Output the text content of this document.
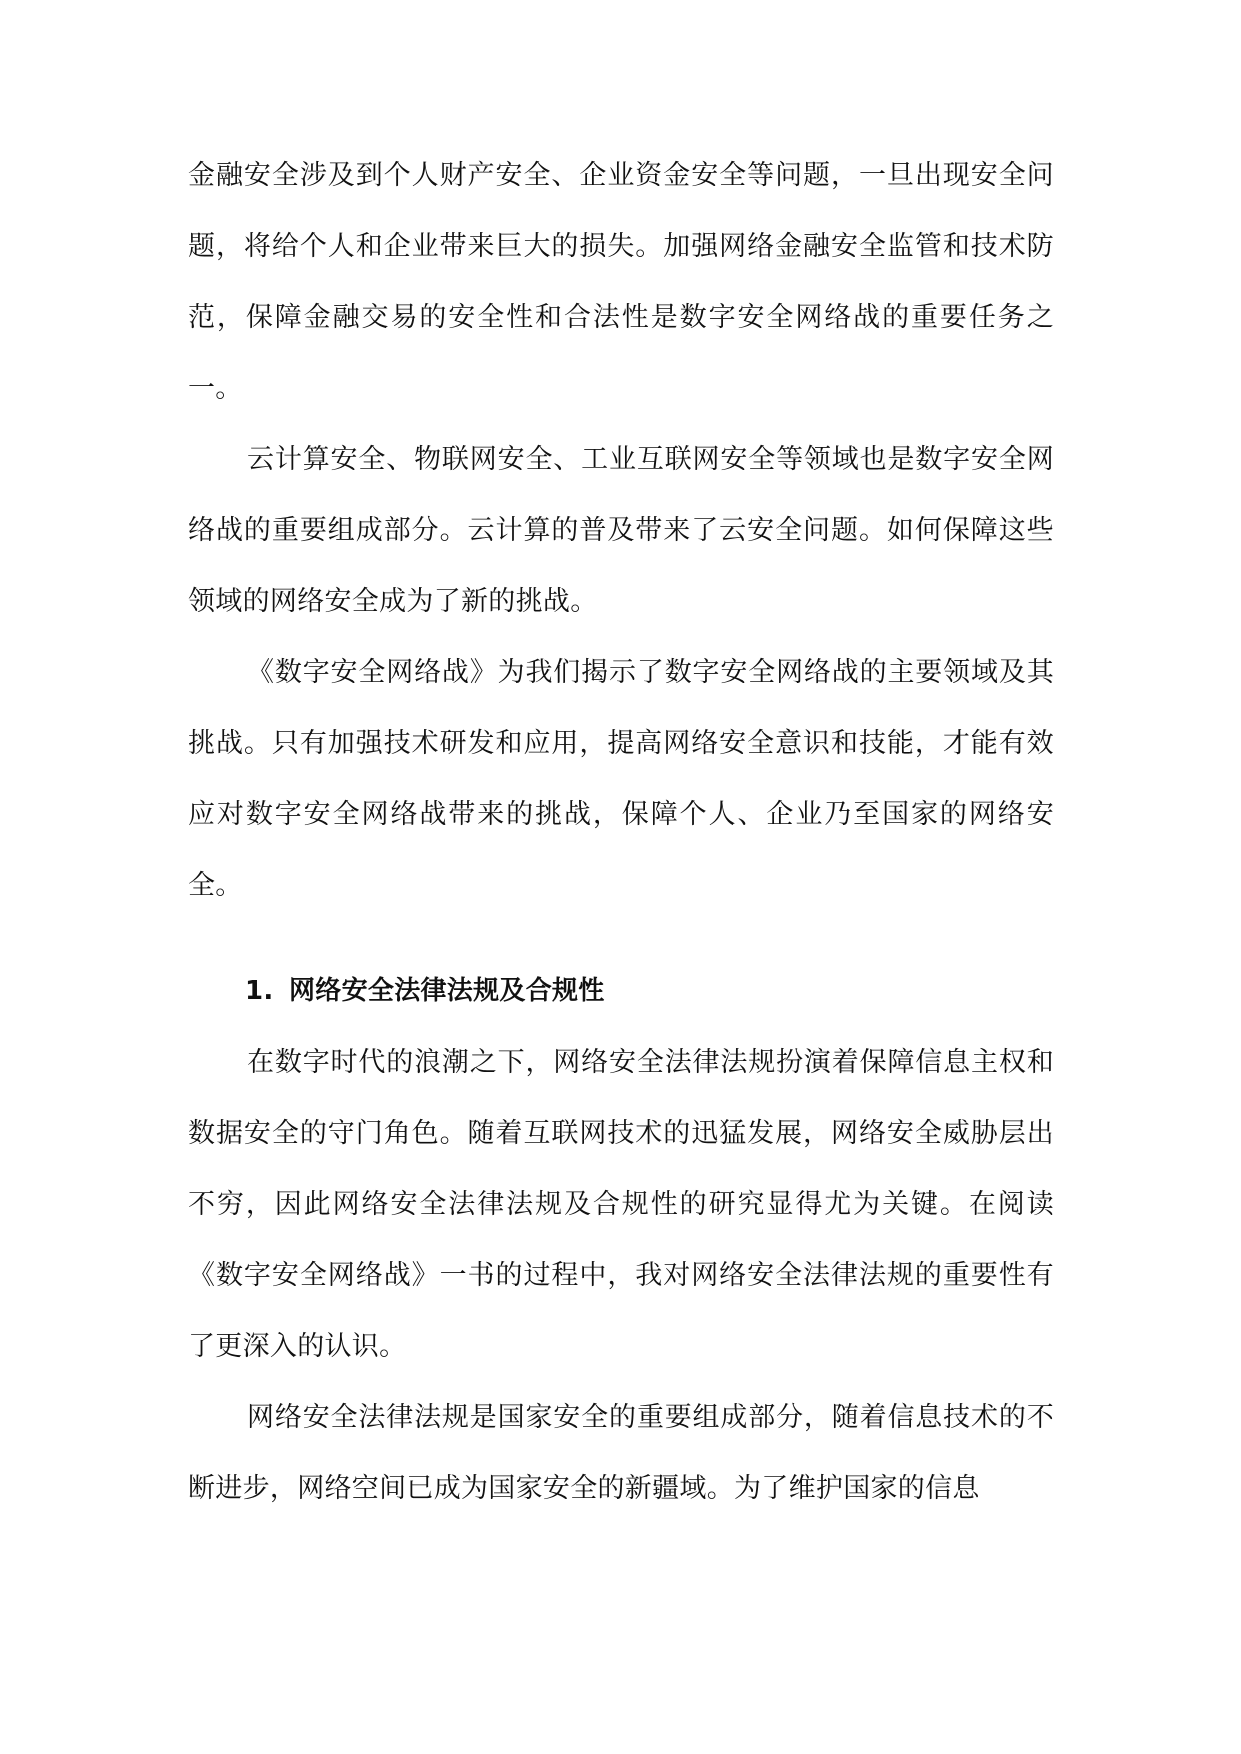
金融安全涉及到个人财产安全、企业资金安全等问题，一旦出现安全问题，将给个人和企业带来巨大的损失。加强网络金融安全监管和技术防范，保障金融交易的安全性和合法性是数字安全网络战的重要任务之一。

云计算安全、物联网安全、工业互联网安全等领域也是数字安全网络战的重要组成部分。云计算的普及带来了云安全问题。如何保障这些领域的网络安全成为了新的挑战。

《数字安全网络战》为我们揭示了数字安全网络战的主要领域及其挑战。只有加强技术研发和应用，提高网络安全意识和技能，才能有效应对数字安全网络战带来的挑战，保障个人、企业乃至国家的网络安全。

1. 网络安全法律法规及合规性

在数字时代的浪潮之下，网络安全法律法规扮演着保障信息主权和数据安全的守门角色。随着互联网技术的迅猛发展，网络安全威胁层出不穷，因此网络安全法律法规及合规性的研究显得尤为关键。在阅读《数字安全网络战》一书的过程中，我对网络安全法律法规的重要性有了更深入的认识。

网络安全法律法规是国家安全的重要组成部分，随着信息技术的不断进步，网络空间已成为国家安全的新疆域。为了维护国家的信息
